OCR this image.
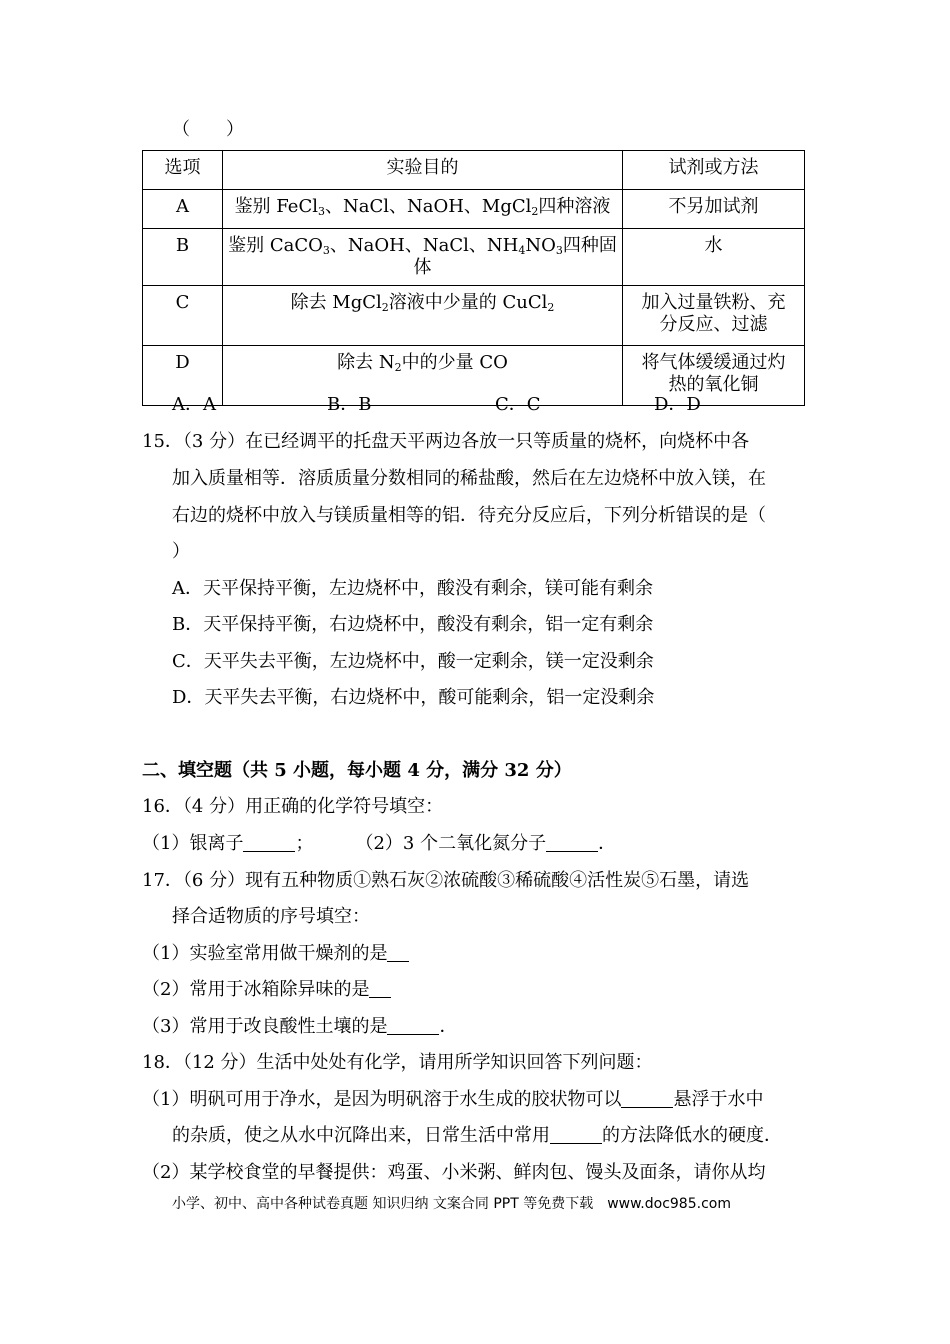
（　　）
选项	实验目的	试剂或方法
A	鉴别 FeCl$_3$、NaCl、NaOH、MgCl$_2$四种溶液	不另加试剂
B	鉴别 CaCO$_3$、NaOH、NaCl、$NH_4NO_3$四种固体	水
C	除去 MgCl$_2$溶液中少量的 CuCl$_2$	加入过量铁粉、充
分反应、过滤

D	除去 $N_2$中的少量 CO	将气体缓缓通过灼
热的氧化铜
A．A	B．B	C．C	D．D
15．（3 分）在已经调平的托盘天平两边各放一只等质量的烧杯，向烧杯中各
加入质量相等．溶质质量分数相同的稀盐酸，然后在左边烧杯中放入镁，在
右边的烧杯中放入与镁质量相等的铝．待充分反应后，下列分析错误的是（
）
A．天平保持平衡，左边烧杯中，酸没有剩余，镁可能有剩余
B．天平保持平衡，右边烧杯中，酸没有剩余，铝一定有剩余
C．天平失去平衡，左边烧杯中，酸一定剩余，镁一定没剩余
D．天平失去平衡，右边烧杯中，酸可能剩余，铝一定没剩余
二、填空题（共 5 小题，每小题 4 分，满分 32 分）
16．（4 分）用正确的化学符号填空：
（1）银离子	； （2）3 个二氧化氮分子	．
17．（6 分）现有五种物质①熟石灰②浓硫酸③稀硫酸④活性炭⑤石墨，请选
择合适物质的序号填空：
（1）实验室常用做干燥剂的是
（2）常用于冰箱除异味的是
（3）常用于改良酸性土壤的是	．
18．（12 分）生活中处处有化学，请用所学知识回答下列问题：
（1）明矾可用于净水，是因为明矾溶于水生成的胶状物可以	悬浮于水中
的杂质，使之从水中沉降出来，日常生活中常用	的方法降低水的硬度．
（2）某学校食堂的早餐提供：鸡蛋、小米粥、鲜肉包、馒头及面条，请你从均
小学、初中、高中各种试卷真题 知识归纳 文案合同 PPT 等免费下载　www.doc985.com
